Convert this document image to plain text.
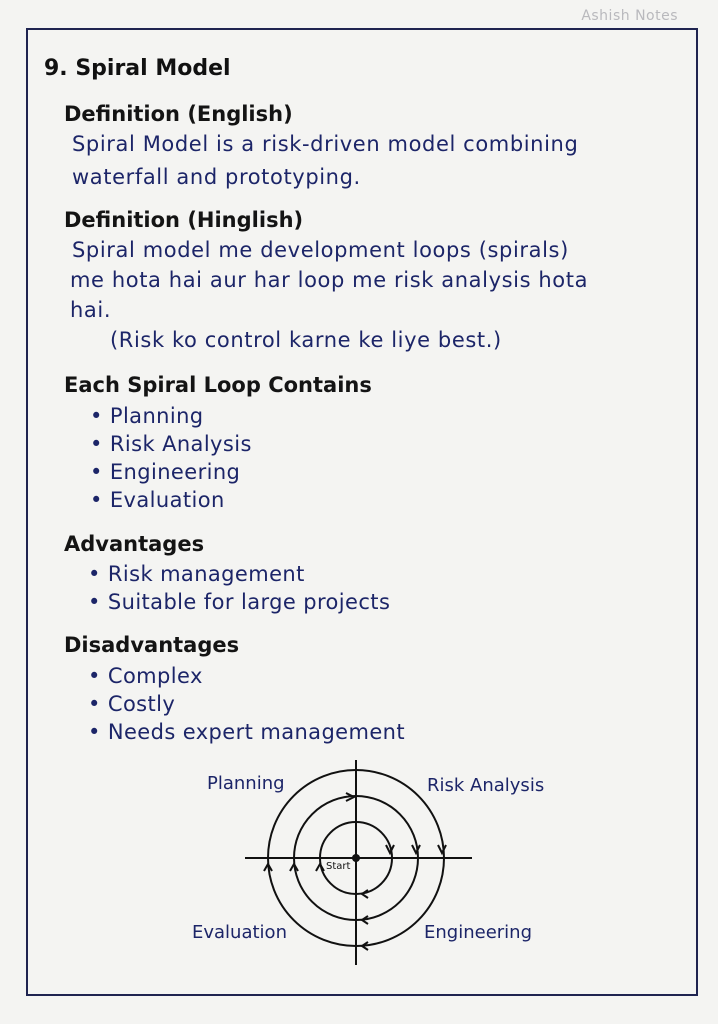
Ashish Notes
9. Spiral Model
Definition (English)
Spiral Model is a risk-driven model combining
waterfall and prototyping.
Definition (Hinglish)
Spiral model me development loops (spirals)
me hota hai aur har loop me risk analysis hota
hai.
(Risk ko control karne ke liye best.)
Each Spiral Loop Contains
• Planning
• Risk Analysis
• Engineering
• Evaluation
Advantages
• Risk management
• Suitable for large projects
Disadvantages
• Complex
• Costly
• Needs expert management
Start
Planning	Risk Analysis
Evaluation	Engineering
